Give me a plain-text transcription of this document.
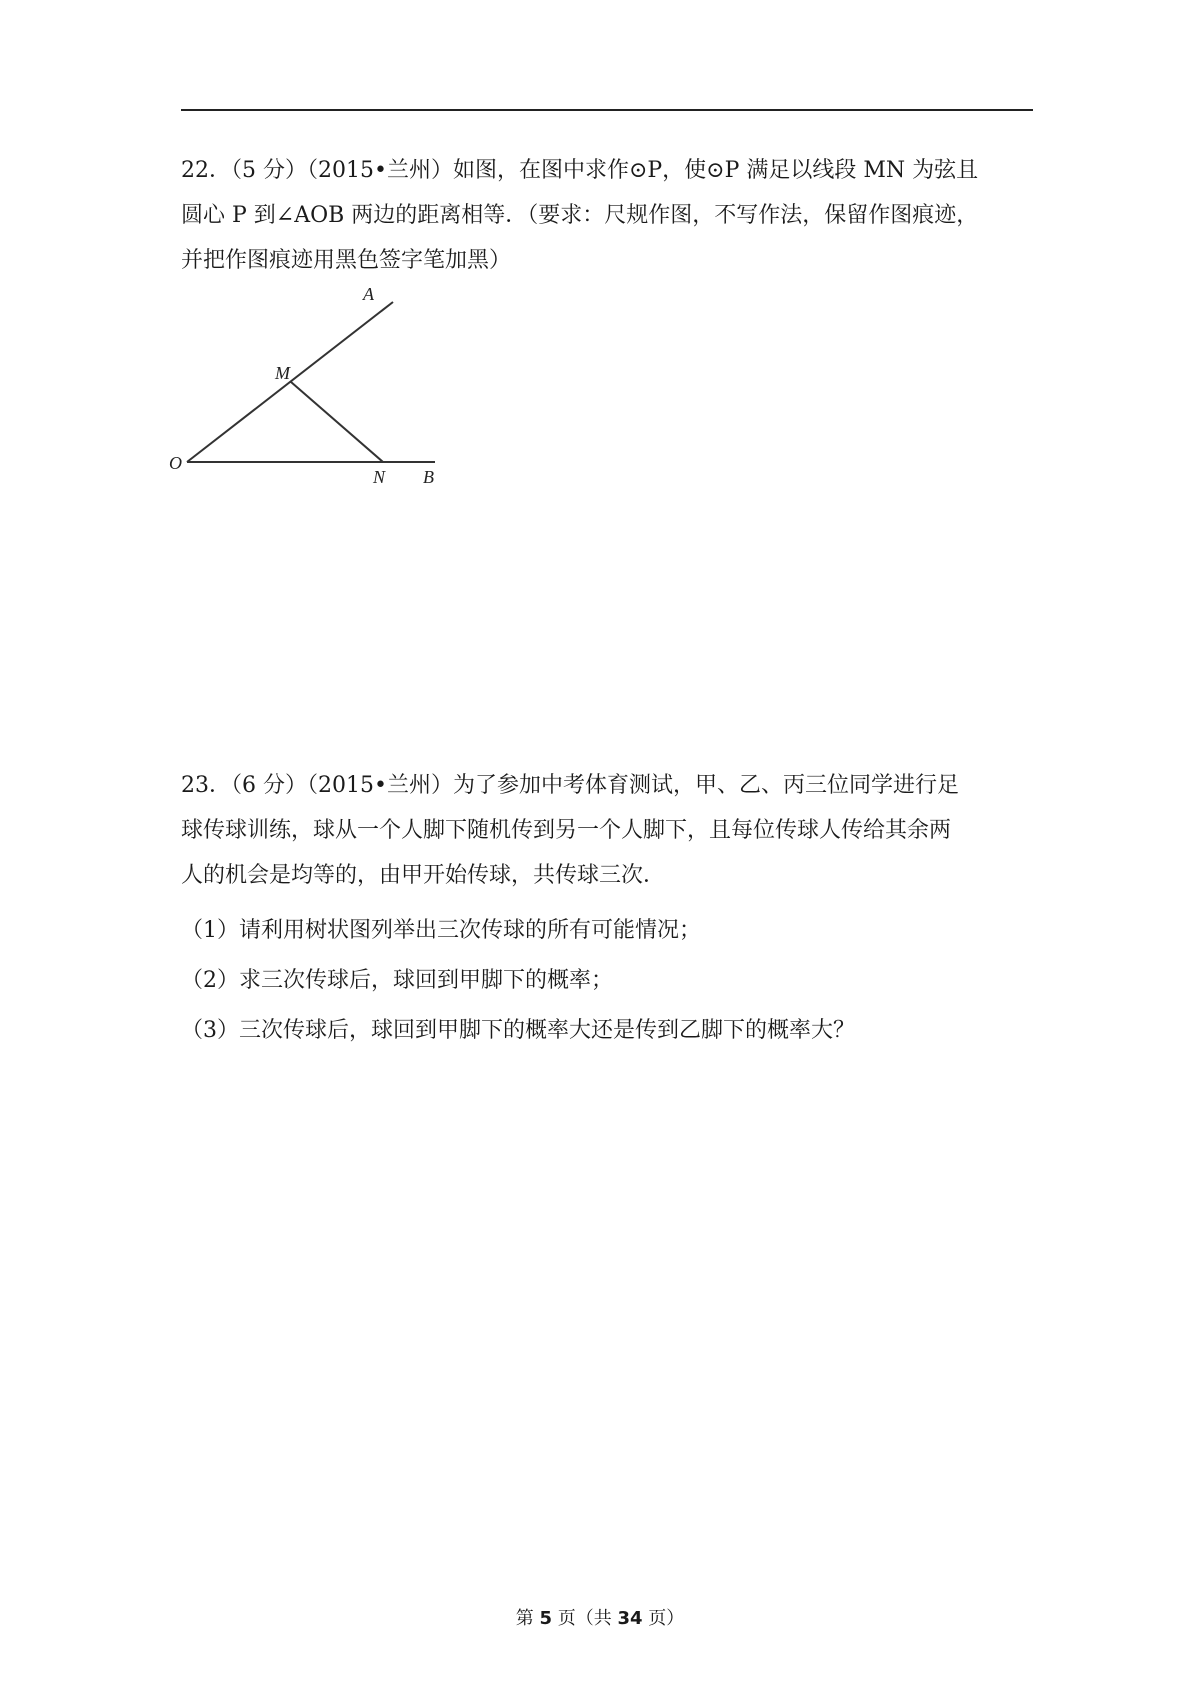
22．（5 分）（2015•兰州）如图，在图中求作⊙P，使⊙P 满足以线段 MN 为弦且
圆心 P 到∠AOB 两边的距离相等．（要求：尺规作图，不写作法，保留作图痕迹，
并把作图痕迹用黑色签字笔加黑）
A
M
O
N B
23．（6 分）（2015•兰州）为了参加中考体育测试，甲、乙、丙三位同学进行足
球传球训练，球从一个人脚下随机传到另一个人脚下，且每位传球人传给其余两
人的机会是均等的，由甲开始传球，共传球三次．
（1）请利用树状图列举出三次传球的所有可能情况；
（2）求三次传球后，球回到甲脚下的概率；
（3）三次传球后，球回到甲脚下的概率大还是传到乙脚下的概率大？
第 5 页（共 34 页）
